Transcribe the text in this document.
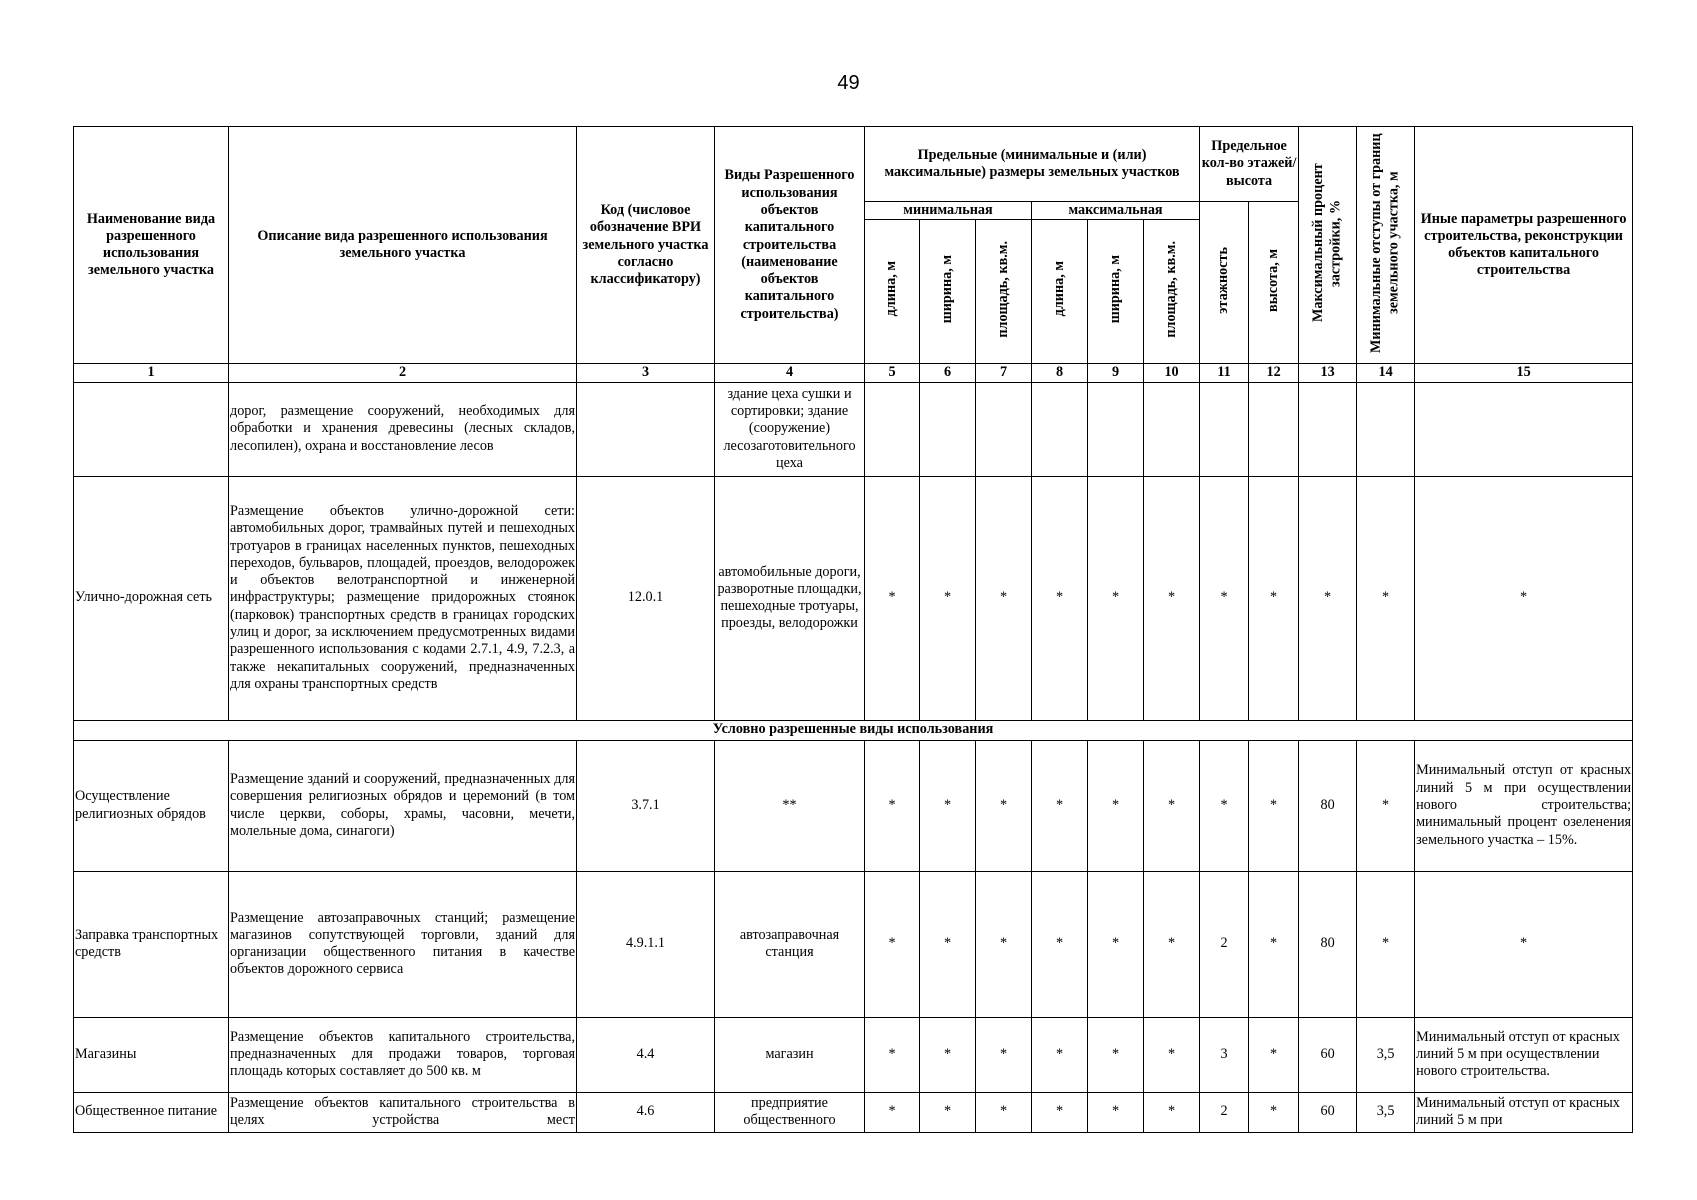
49
Наименование вида разрешенного использования земельного участка	Описание вида разрешенного использования земельного участка	Код (числовое обозначение ВРИ земельного участка согласно классификатору)	Виды Разрешенного использования объектов капитального строительства (наименование объектов капитального строительства)	Предельные (минимальные и (или) максимальные) размеры земельных участков						Предельное кол-во этажей/ высота		Максимальный процент застройки, %	Минимальные отступы от границ земельного участка, м	Иные параметры разрешенного строительства, реконструкции объектов капитального строительства
				минимальная			максимальная			этажность	высота, м			
				длина, м	ширина, м	площадь, кв.м.	длина, м	ширина, м	площадь, кв.м.					
1	2	3	4	5	6	7	8	9	10	11	12	13	14	15
	дорог, размещение сооружений, необходимых для обработки и хранения древесины (лесных складов, лесопилен), охрана и восстановление лесов		здание цеха сушки и сортировки; здание (сооружение) лесозаготовительного цеха											
Улично-дорожная сеть	Размещение объектов улично-дорожной сети: автомобильных дорог, трамвайных путей и пешеходных тротуаров в границах населенных пунктов, пешеходных переходов, бульваров, площадей, проездов, велодорожек и объектов велотранспортной и инженерной инфраструктуры; размещение придорожных стоянок (парковок) транспортных средств в границах городских улиц и дорог, за исключением предусмотренных видами разрешенного использования с кодами 2.7.1, 4.9, 7.2.3, а также некапитальных сооружений, предназначенных для охраны транспортных средств	12.0.1	автомобильные дороги, разворотные площадки, пешеходные тротуары, проезды, велодорожки	*	*	*	*	*	*	*	*	*	*	*
Условно разрешенные виды использования														
Осуществление религиозных обрядов	Размещение зданий и сооружений, предназначенных для совершения религиозных обрядов и церемоний (в том числе церкви, соборы, храмы, часовни, мечети, молельные дома, синагоги)	3.7.1	**	*	*	*	*	*	*	*	*	80	*	Минимальный отступ от красных линий 5 м при осуществлении нового строительства; минимальный процент озеленения земельного участка – 15%.
Заправка транспортных средств	Размещение автозаправочных станций; размещение магазинов сопутствующей торговли, зданий для организации общественного питания в качестве объектов дорожного сервиса	4.9.1.1	автозаправочная станция	*	*	*	*	*	*	2	*	80	*	*
Магазины	Размещение объектов капитального строительства, предназначенных для продажи товаров, торговая площадь которых составляет до 500 кв. м	4.4	магазин	*	*	*	*	*	*	3	*	60	3,5	Минимальный отступ от красных линий 5 м при осуществлении нового строительства.
Общественное питание	Размещение объектов капитального строительства в целях устройства мест	4.6	предприятие общественного	*	*	*	*	*	*	2	*	60	3,5	Минимальный отступ от красных линий 5 м при
